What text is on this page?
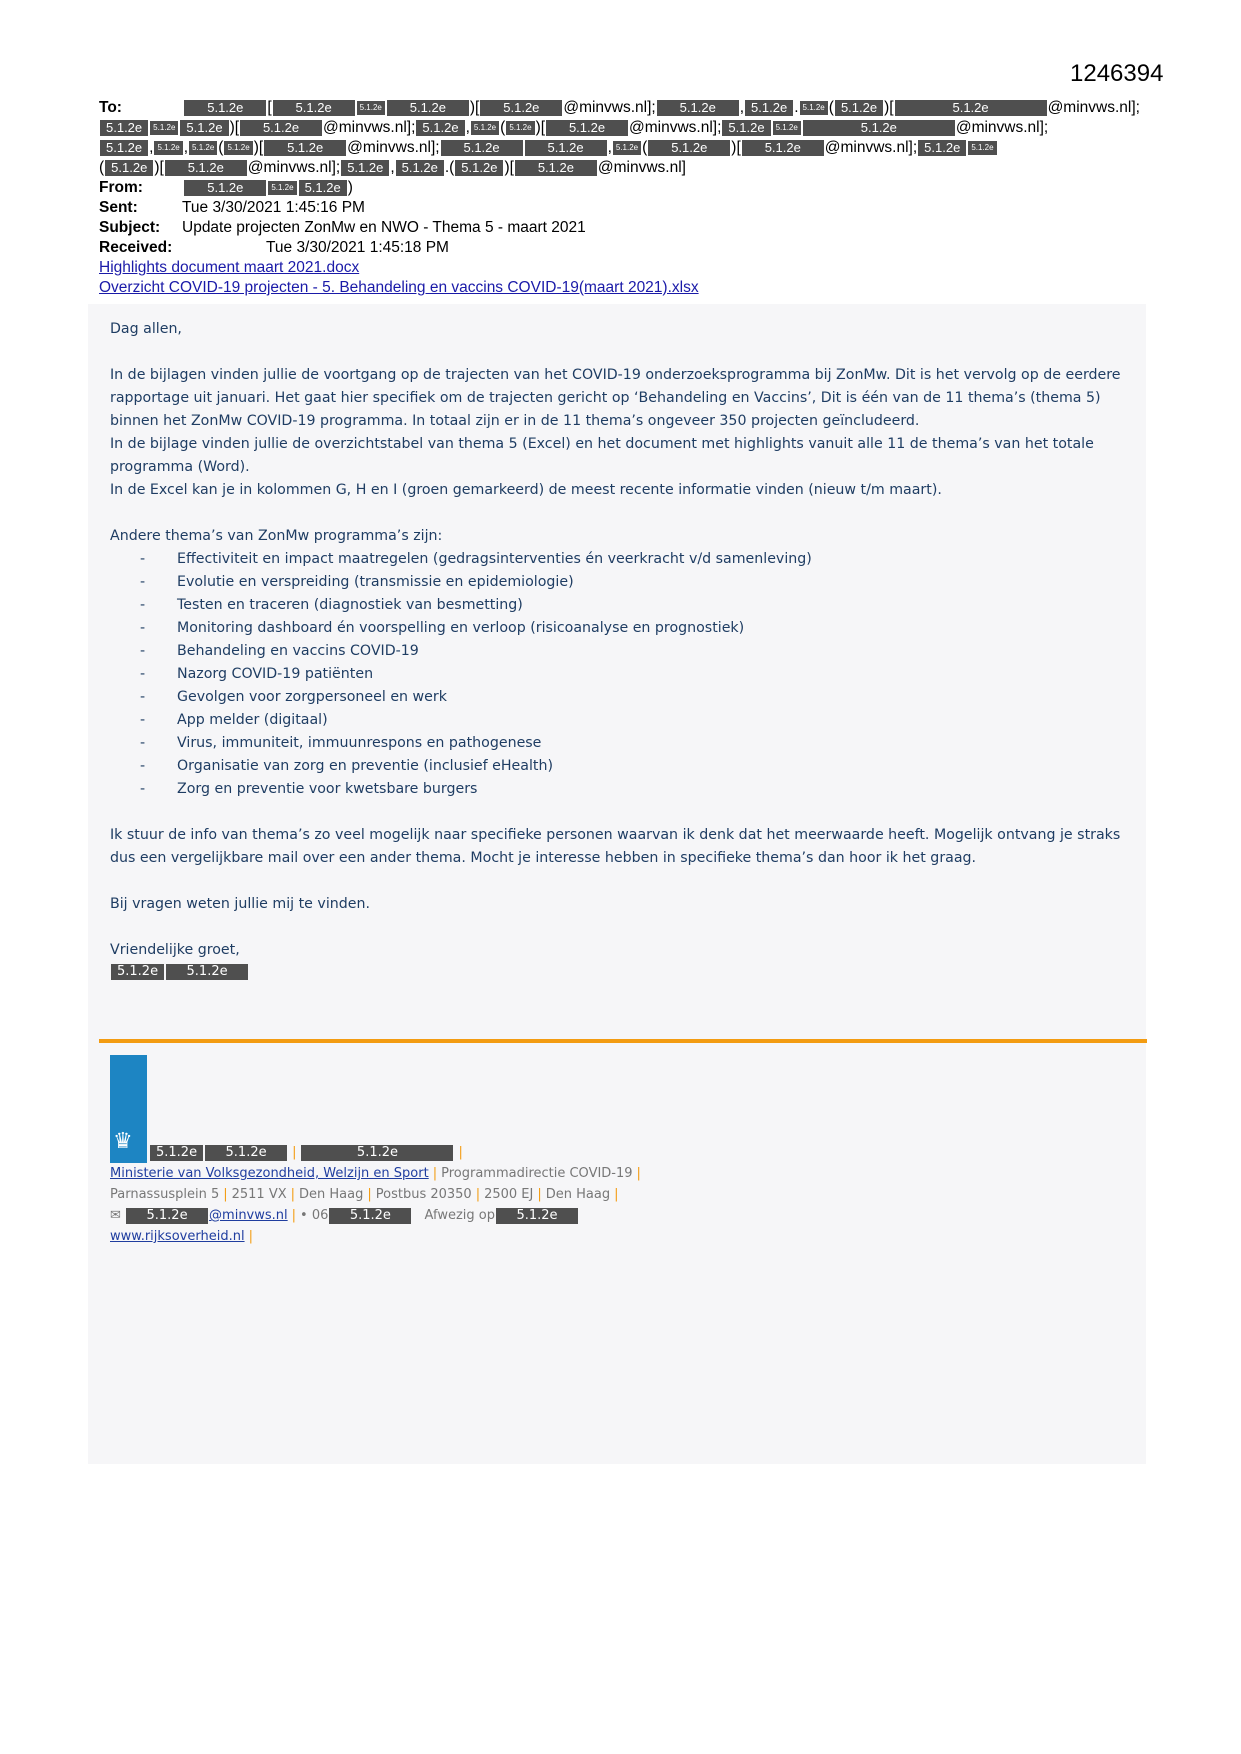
1246394
To:	5.1.2e [ 5.1.2e	5.1.2e 5.1.2e )[ 5.1.2e @minvws.nl]; 5.1.2e , 5.1.2e . 5.1.2e ( 5.1.2e )[	5.1.2e	@minvws.nl];
5.1.2e 5.1.2e 5.1.2e )[ 5.1.2e @minvws.nl]; 5.1.2e , 5.1.2e ( 5.1.2e )[ 5.1.2e @minvws.nl]; 5.1.2e 5.1.2e	5.1.2e	@minvws.nl];
5.1.2e , 5.1.2e , 5.1.2e ( 5.1.2e )[ 5.1.2e @minvws.nl]; 5.1.2e	5.1.2e , 5.1.2e ( 5.1.2e )[ 5.1.2e @minvws.nl]; 5.1.2e 5.1.2e
( 5.1.2e )[ 5.1.2e @minvws.nl]; 5.1.2e , 5.1.2e .( 5.1.2e )[ 5.1.2e @minvws.nl]
From:	5.1.2e	5.1.2e 5.1.2e )
Sent:	Tue 3/30/2021 1:45:16 PM
Subject: Update projecten ZonMw en NWO - Thema 5 - maart 2021
Received:	Tue 3/30/2021 1:45:18 PM
Highlights document maart 2021.docx
Overzicht COVID-19 projecten - 5. Behandeling en vaccins COVID-19(maart 2021).xlsx

Dag allen,

In de bijlagen vinden jullie de voortgang op de trajecten van het COVID-19 onderzoeksprogramma bij ZonMw. Dit is het vervolg op de eerdere rapportage uit januari. Het gaat hier specifiek om de trajecten gericht op ‘Behandeling en Vaccins’, Dit is één van de 11 thema’s (thema 5) binnen het ZonMw COVID-19 programma. In totaal zijn er in de 11 thema’s ongeveer 350 projecten geïncludeerd.

In de bijlage vinden jullie de overzichtstabel van thema 5 (Excel) en het document met highlights vanuit alle 11 de thema’s van het totale programma (Word).

In de Excel kan je in kolommen G, H en I (groen gemarkeerd) de meest recente informatie vinden (nieuw t/m maart).

Andere thema’s van ZonMw programma’s zijn:

-	Effectiviteit en impact maatregelen (gedragsinterventies én veerkracht v/d samenleving)
-	Evolutie en verspreiding (transmissie en epidemiologie)
-	Testen en traceren (diagnostiek van besmetting)
-	Monitoring dashboard én voorspelling en verloop (risicoanalyse en prognostiek)
-	Behandeling en vaccins COVID-19
-	Nazorg COVID-19 patiënten
-	Gevolgen voor zorgpersoneel en werk
-	App melder (digitaal)
-	Virus, immuniteit, immuunrespons en pathogenese
-	Organisatie van zorg en preventie (inclusief eHealth)
-	Zorg en preventie voor kwetsbare burgers

Ik stuur de info van thema’s zo veel mogelijk naar specifieke personen waarvan ik denk dat het meerwaarde heeft. Mogelijk ontvang je straks dus een vergelijkbare mail over een ander thema. Mocht je interesse hebben in specifieke thema’s dan hoor ik het graag.

Bij vragen weten jullie mij te vinden.

Vriendelijke groet,

5.1.2e 5.1.2e
♛	5.1.2e 5.1.2e |	5.1.2e	|
Ministerie van Volksgezondheid, Welzijn en Sport | Programmadirectie COVID-19 |
Parnassusplein 5 | 2511 VX | Den Haag | Postbus 20350 | 2500 EJ | Den Haag |
✉ 5.1.2e @minvws.nl | • 06 5.1.2e	Afwezig op 5.1.2e
www.rijksoverheid.nl |
